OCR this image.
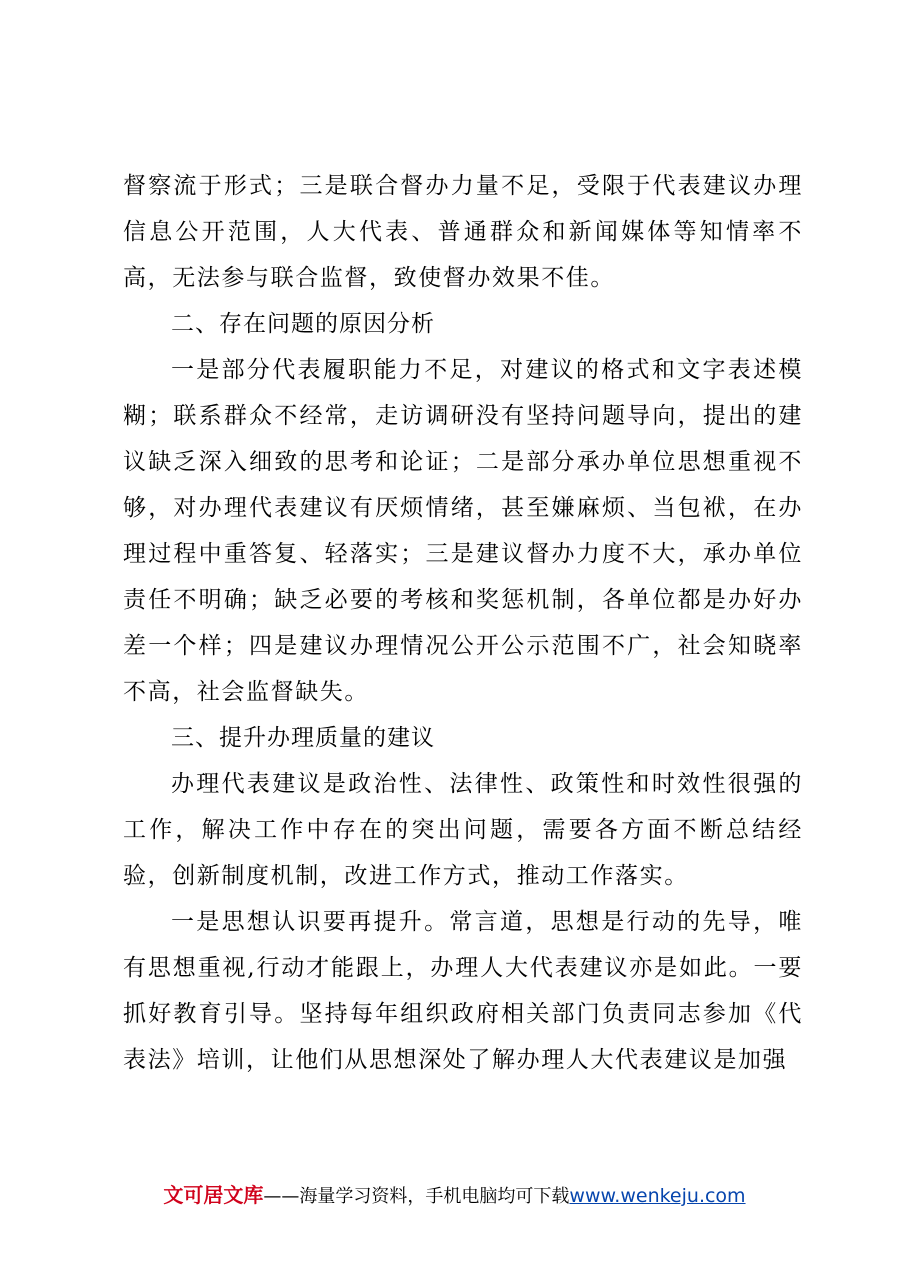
督察流于形式；三是联合督办力量不足，受限于代表建议办理信息公开范围，人大代表、普通群众和新闻媒体等知情率不高，无法参与联合监督，致使督办效果不佳。

二、存在问题的原因分析

一是部分代表履职能力不足，对建议的格式和文字表述模糊；联系群众不经常，走访调研没有坚持问题导向，提出的建议缺乏深入细致的思考和论证；二是部分承办单位思想重视不够，对办理代表建议有厌烦情绪，甚至嫌麻烦、当包袱，在办理过程中重答复、轻落实；三是建议督办力度不大，承办单位责任不明确；缺乏必要的考核和奖惩机制，各单位都是办好办差一个样；四是建议办理情况公开公示范围不广，社会知晓率不高，社会监督缺失。

三、提升办理质量的建议

办理代表建议是政治性、法律性、政策性和时效性很强的工作，解决工作中存在的突出问题，需要各方面不断总结经验，创新制度机制，改进工作方式，推动工作落实。

一是思想认识要再提升。常言道，思想是行动的先导，唯有思想重视,行动才能跟上，办理人大代表建议亦是如此。一要抓好教育引导。坚持每年组织政府相关部门负责同志参加《代表法》培训，让他们从思想深处了解办理人大代表建议是加强

文可居文库——海量学习资料，手机电脑均可下载www.wenkeju.com
